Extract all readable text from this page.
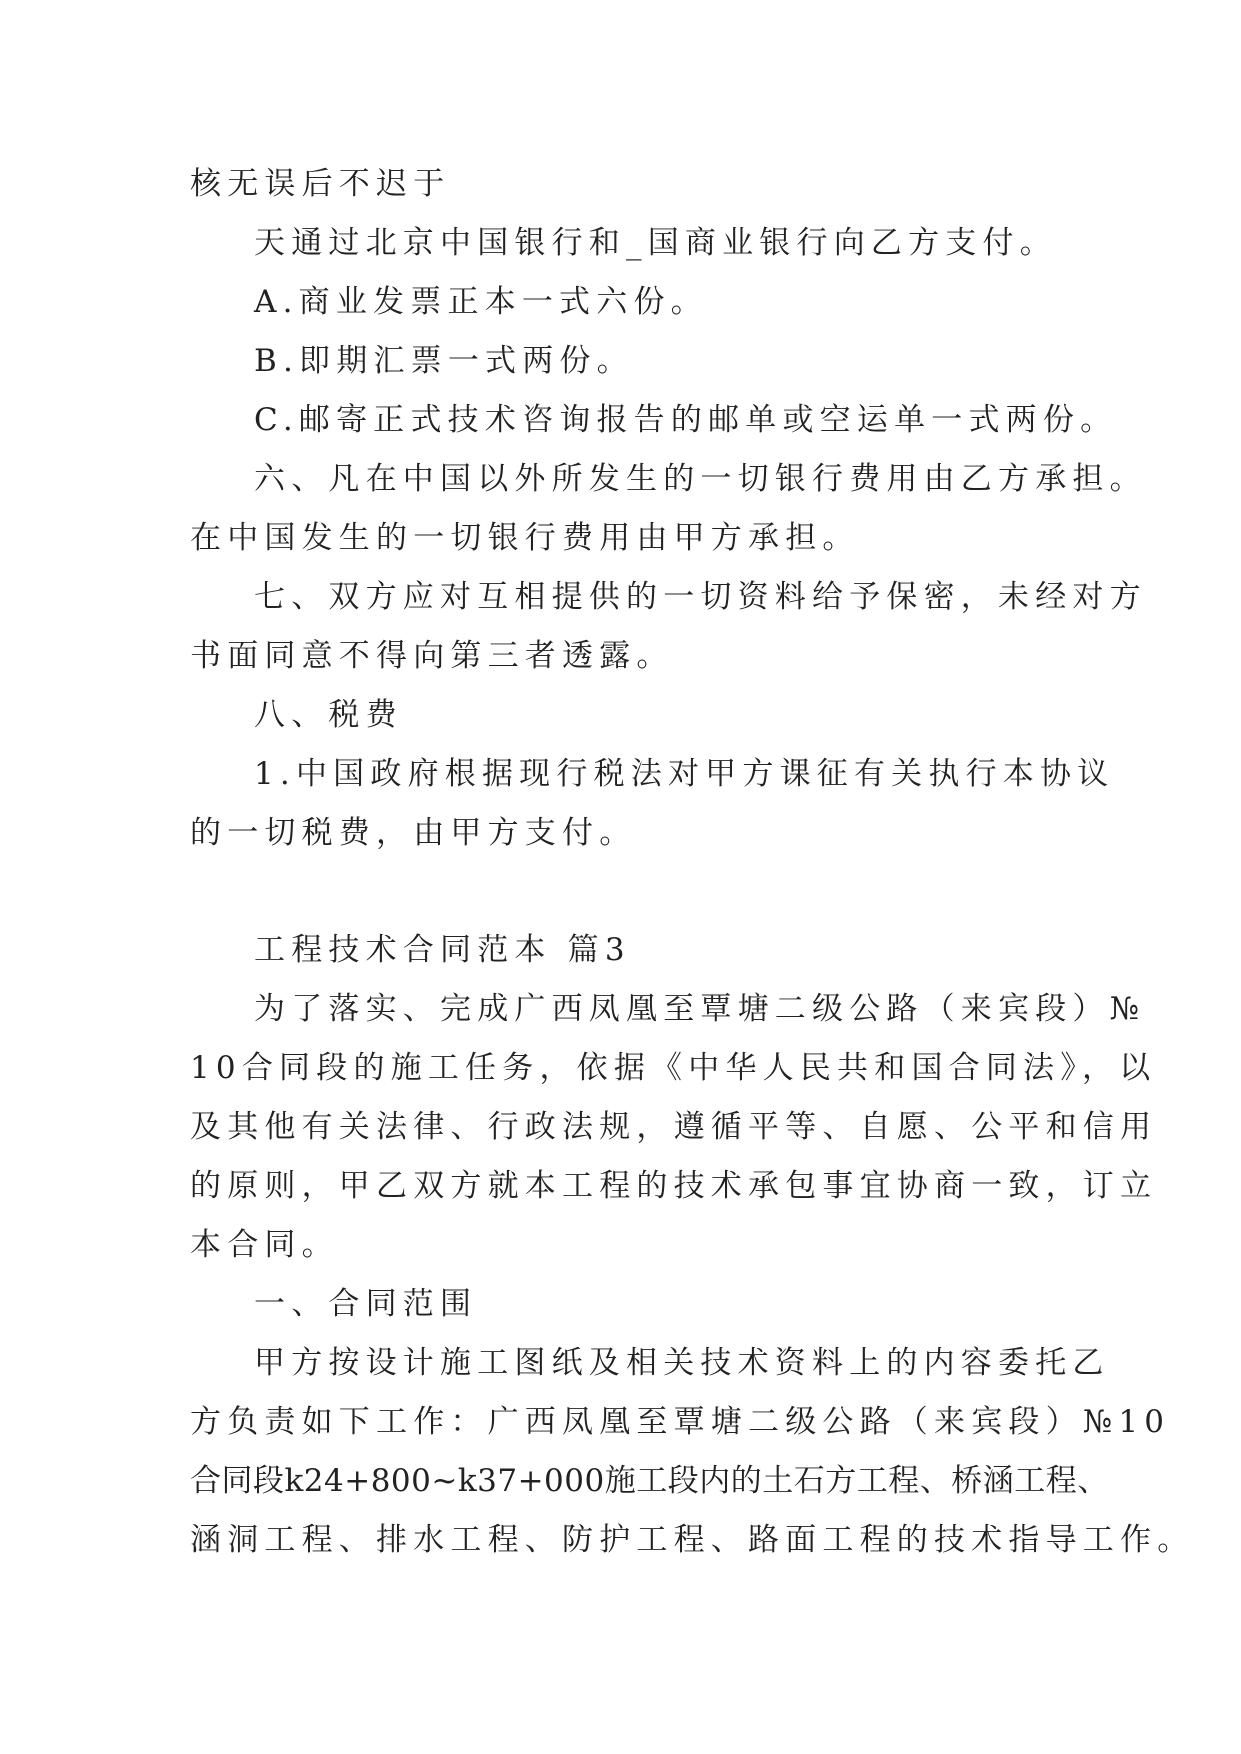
核无误后不迟于

天通过北京中国银行和_国商业银行向乙方支付。

A.商业发票正本一式六份。

B.即期汇票一式两份。

C.邮寄正式技术咨询报告的邮单或空运单一式两份。

六、凡在中国以外所发生的一切银行费用由乙方承担。

在中国发生的一切银行费用由甲方承担。

七、双方应对互相提供的一切资料给予保密，未经对方

书面同意不得向第三者透露。

八、税费

1.中国政府根据现行税法对甲方课征有关执行本协议

的一切税费，由甲方支付。

工程技术合同范本 篇3

为了落实、完成广西凤凰至覃塘二级公路（来宾段）№

10合同段的施工任务，依据《中华人民共和国合同法》，以

及其他有关法律、行政法规，遵循平等、自愿、公平和信用

的原则，甲乙双方就本工程的技术承包事宜协商一致，订立

本合同。

一、合同范围

甲方按设计施工图纸及相关技术资料上的内容委托乙

方负责如下工作：广西凤凰至覃塘二级公路（来宾段）№10

合同段k24+800~k37+000施工段内的土石方工程、桥涵工程、

涵洞工程、排水工程、防护工程、路面工程的技术指导工作。
